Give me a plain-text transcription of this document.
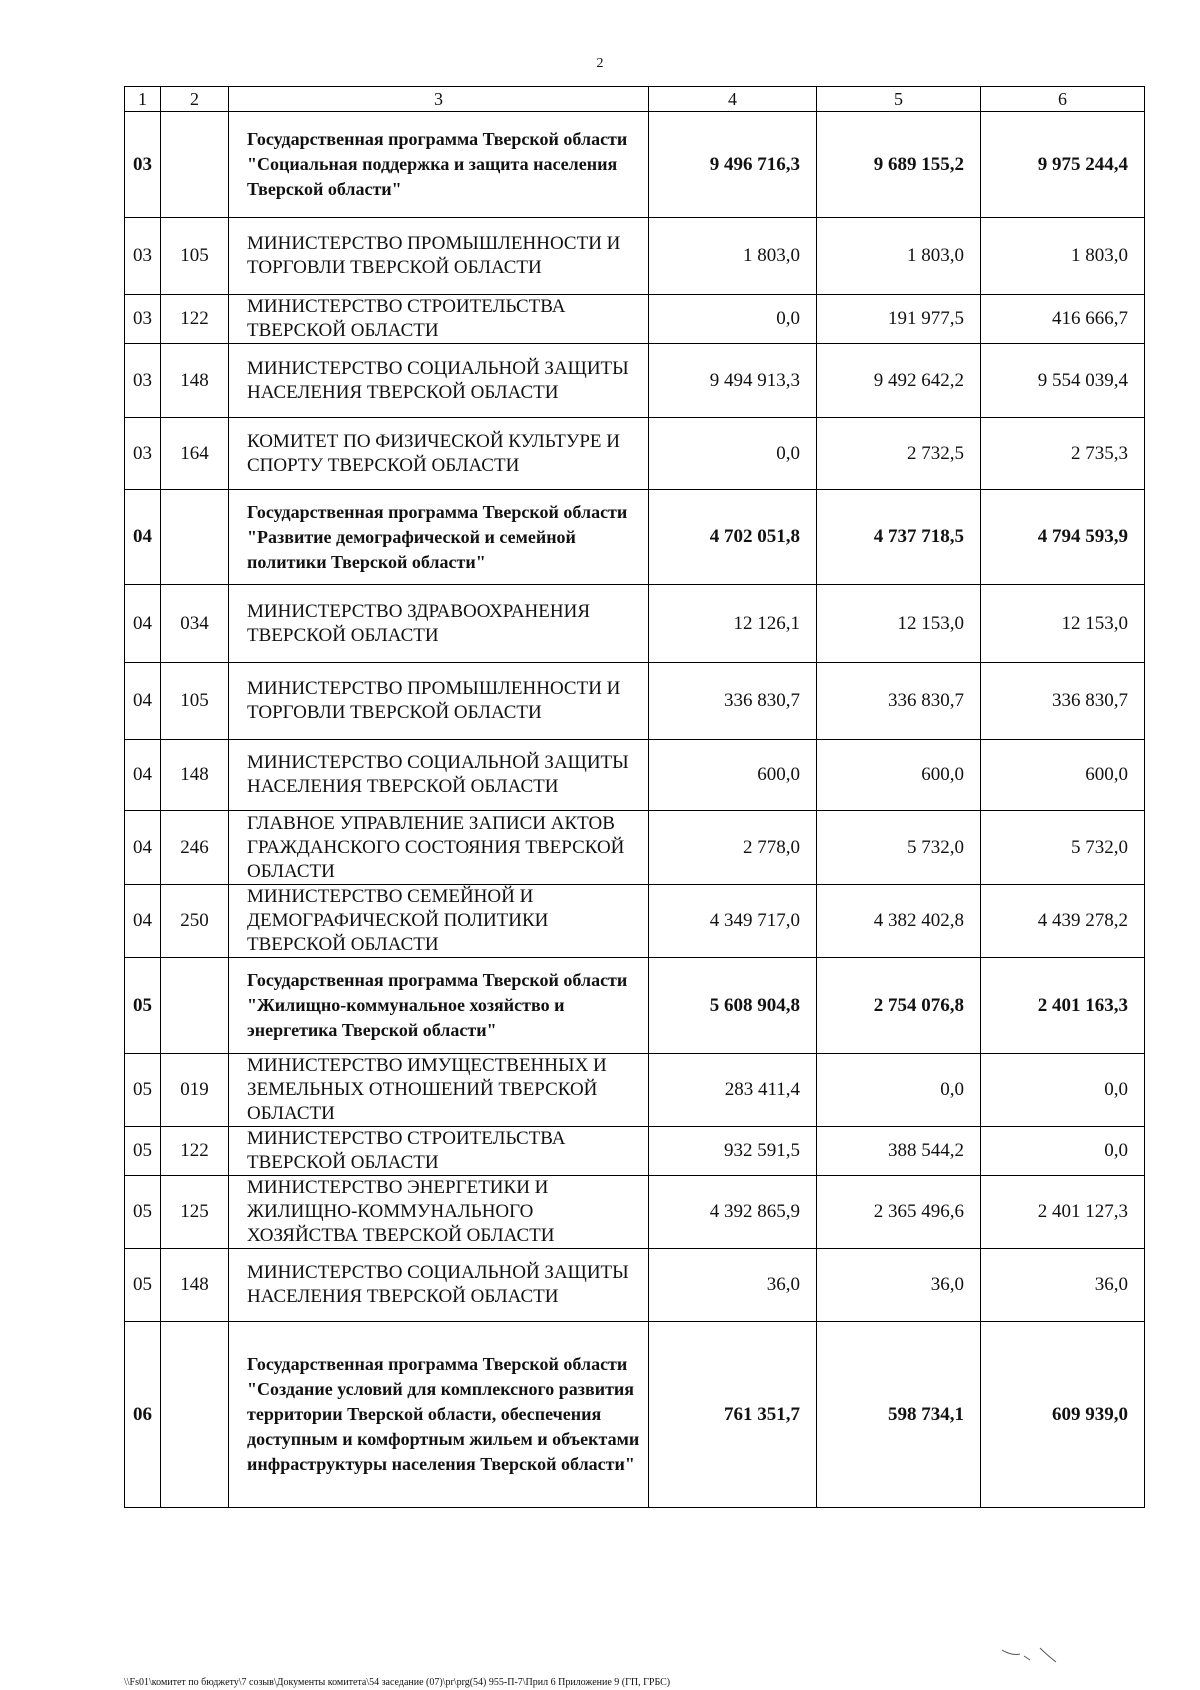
2
1	2	3	4	5	6
03		Государственная программа Тверской области "Социальная поддержка и защита населения Тверской области"	9 496 716,3	9 689 155,2	9 975 244,4
03	105	МИНИСТЕРСТВО ПРОМЫШЛЕННОСТИ И ТОРГОВЛИ ТВЕРСКОЙ ОБЛАСТИ	1 803,0	1 803,0	1 803,0
03	122	МИНИСТЕРСТВО СТРОИТЕЛЬСТВА ТВЕРСКОЙ ОБЛАСТИ	0,0	191 977,5	416 666,7
03	148	МИНИСТЕРСТВО СОЦИАЛЬНОЙ ЗАЩИТЫ НАСЕЛЕНИЯ ТВЕРСКОЙ ОБЛАСТИ	9 494 913,3	9 492 642,2	9 554 039,4
03	164	КОМИТЕТ ПО ФИЗИЧЕСКОЙ КУЛЬТУРЕ И СПОРТУ ТВЕРСКОЙ ОБЛАСТИ	0,0	2 732,5	2 735,3
04		Государственная программа Тверской области "Развитие демографической и семейной политики Тверской области"	4 702 051,8	4 737 718,5	4 794 593,9
04	034	МИНИСТЕРСТВО ЗДРАВООХРАНЕНИЯ ТВЕРСКОЙ ОБЛАСТИ	12 126,1	12 153,0	12 153,0
04	105	МИНИСТЕРСТВО ПРОМЫШЛЕННОСТИ И ТОРГОВЛИ ТВЕРСКОЙ ОБЛАСТИ	336 830,7	336 830,7	336 830,7
04	148	МИНИСТЕРСТВО СОЦИАЛЬНОЙ ЗАЩИТЫ НАСЕЛЕНИЯ ТВЕРСКОЙ ОБЛАСТИ	600,0	600,0	600,0
04	246	ГЛАВНОЕ УПРАВЛЕНИЕ ЗАПИСИ АКТОВ ГРАЖДАНСКОГО СОСТОЯНИЯ ТВЕРСКОЙ ОБЛАСТИ	2 778,0	5 732,0	5 732,0
04	250	МИНИСТЕРСТВО СЕМЕЙНОЙ И ДЕМОГРАФИЧЕСКОЙ ПОЛИТИКИ ТВЕРСКОЙ ОБЛАСТИ	4 349 717,0	4 382 402,8	4 439 278,2
05		Государственная программа Тверской области "Жилищно-коммунальное хозяйство и энергетика Тверской области"	5 608 904,8	2 754 076,8	2 401 163,3
05	019	МИНИСТЕРСТВО ИМУЩЕСТВЕННЫХ И ЗЕМЕЛЬНЫХ ОТНОШЕНИЙ ТВЕРСКОЙ ОБЛАСТИ	283 411,4	0,0	0,0
05	122	МИНИСТЕРСТВО СТРОИТЕЛЬСТВА ТВЕРСКОЙ ОБЛАСТИ	932 591,5	388 544,2	0,0
05	125	МИНИСТЕРСТВО ЭНЕРГЕТИКИ И ЖИЛИЩНО-КОММУНАЛЬНОГО ХОЗЯЙСТВА ТВЕРСКОЙ ОБЛАСТИ	4 392 865,9	2 365 496,6	2 401 127,3
05	148	МИНИСТЕРСТВО СОЦИАЛЬНОЙ ЗАЩИТЫ НАСЕЛЕНИЯ ТВЕРСКОЙ ОБЛАСТИ	36,0	36,0	36,0
06		Государственная программа Тверской области "Создание условий для комплексного развития территории Тверской области, обеспечения доступным и комфортным жильем и объектами инфраструктуры населения Тверской области"	761 351,7	598 734,1	609 939,0
\\Fs01\комитет по бюджету\7 созыв\Документы комитета\54 заседание (07)\pr\prg(54) 955-П-7\Прил 6 Приложение 9 (ГП, ГРБС)
